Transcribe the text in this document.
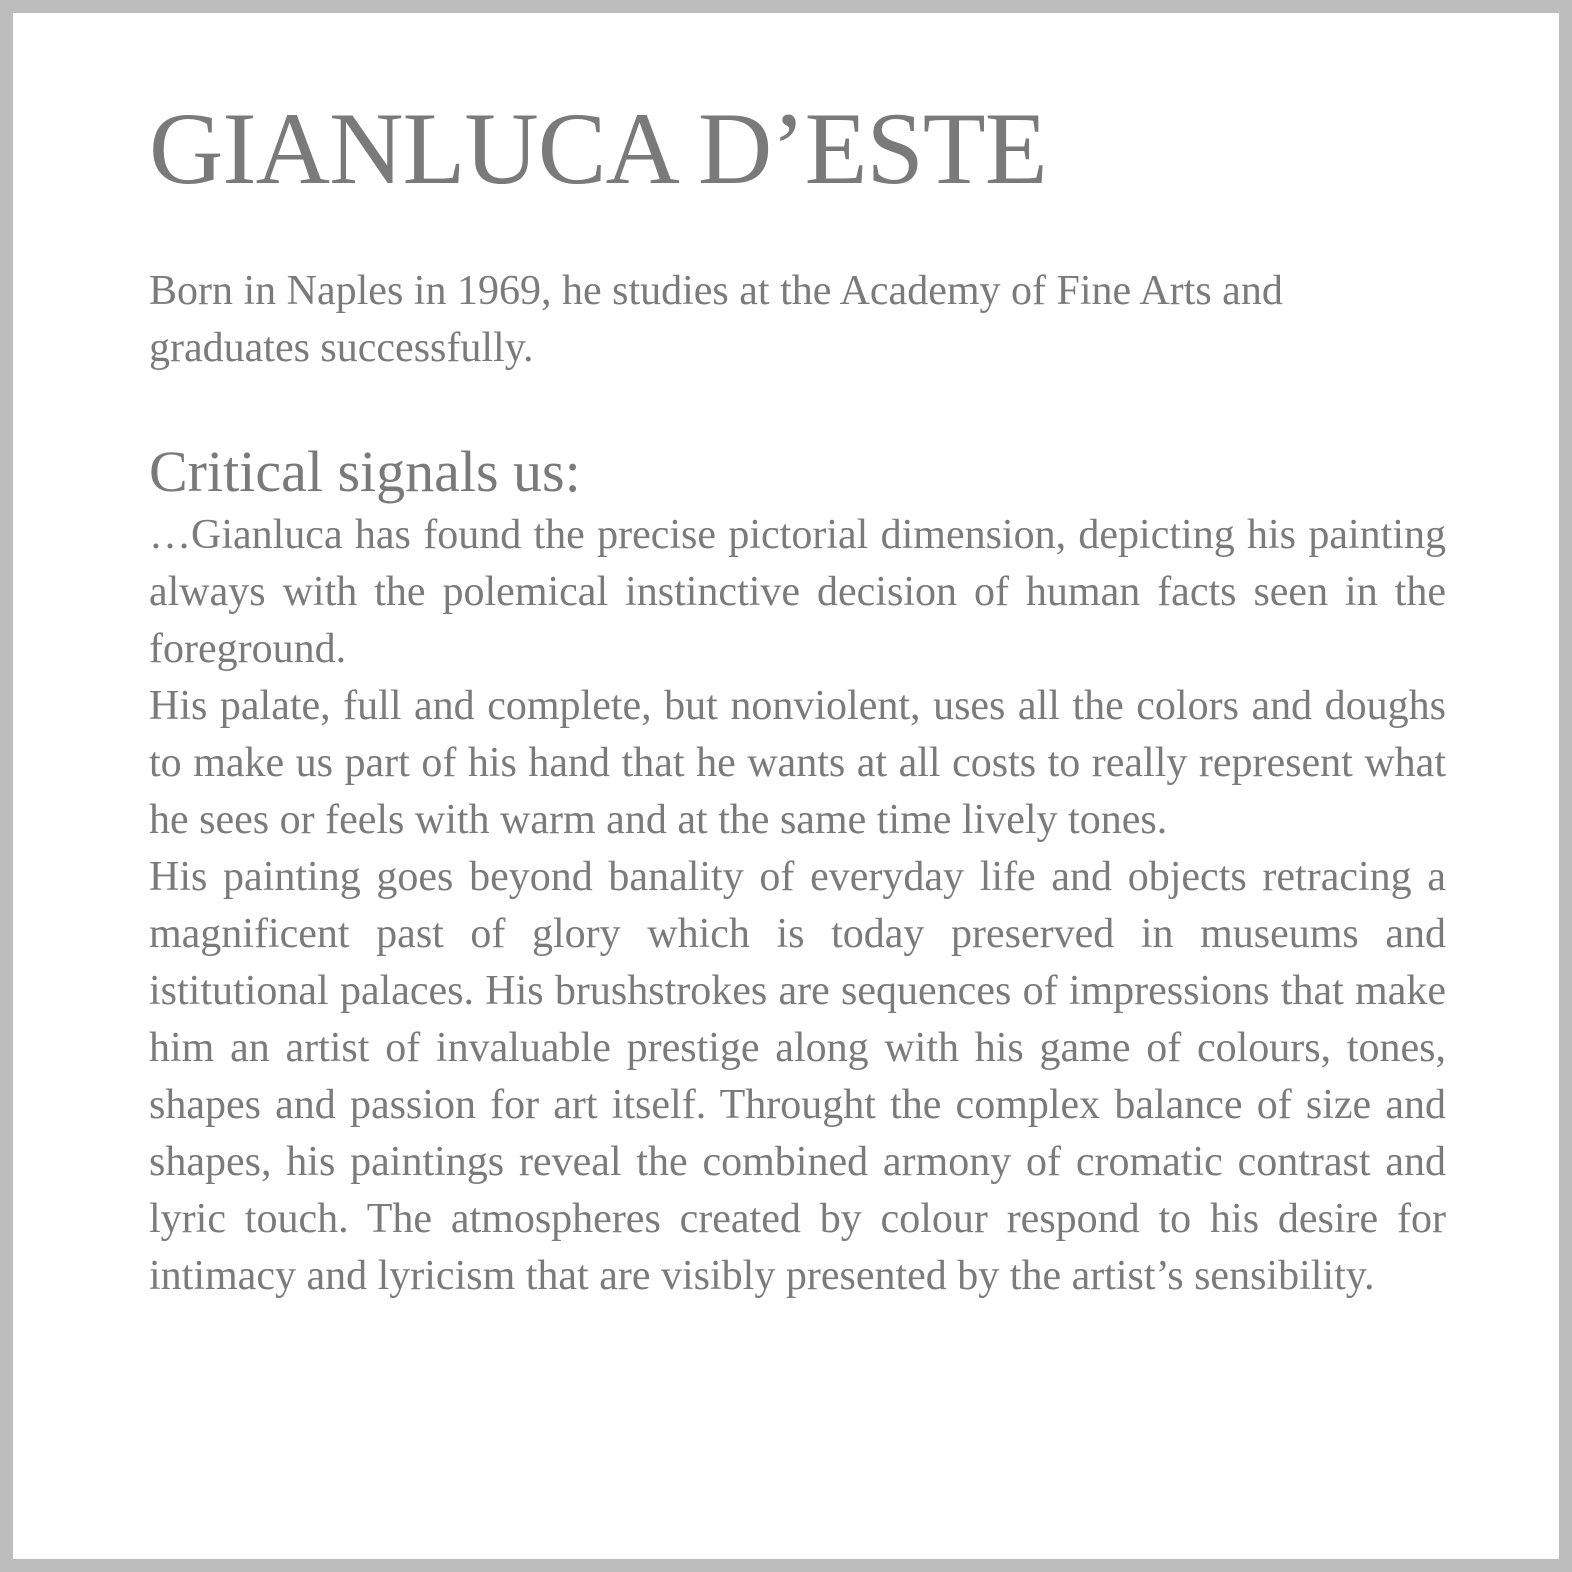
GIANLUCA D’ESTE

Born in Naples in 1969, he studies at the Academy of Fine Arts and graduates successfully.

Critical signals us:

…Gianluca has found the precise pictorial dimension, depicting his painting always with the polemical instinctive decision of human facts seen in the foreground.

His palate, full and complete, but nonviolent, uses all the colors and doughs to make us part of his hand that he wants at all costs to really represent what he sees or feels with warm and at the same time lively tones.

His painting goes beyond banality of everyday life and objects retracing a magnificent past of glory which is today preserved in museums and istitutional palaces. His brushstrokes are sequences of impressions that make him an artist of invaluable prestige along with his game of colours, tones, shapes and passion for art itself. Throught the complex balance of size and shapes, his paintings reveal the combined armony of cromatic contrast and lyric touch. The atmospheres created by colour respond to his desire for intimacy and lyricism that are visibly presented by the artist’s sensibility.
